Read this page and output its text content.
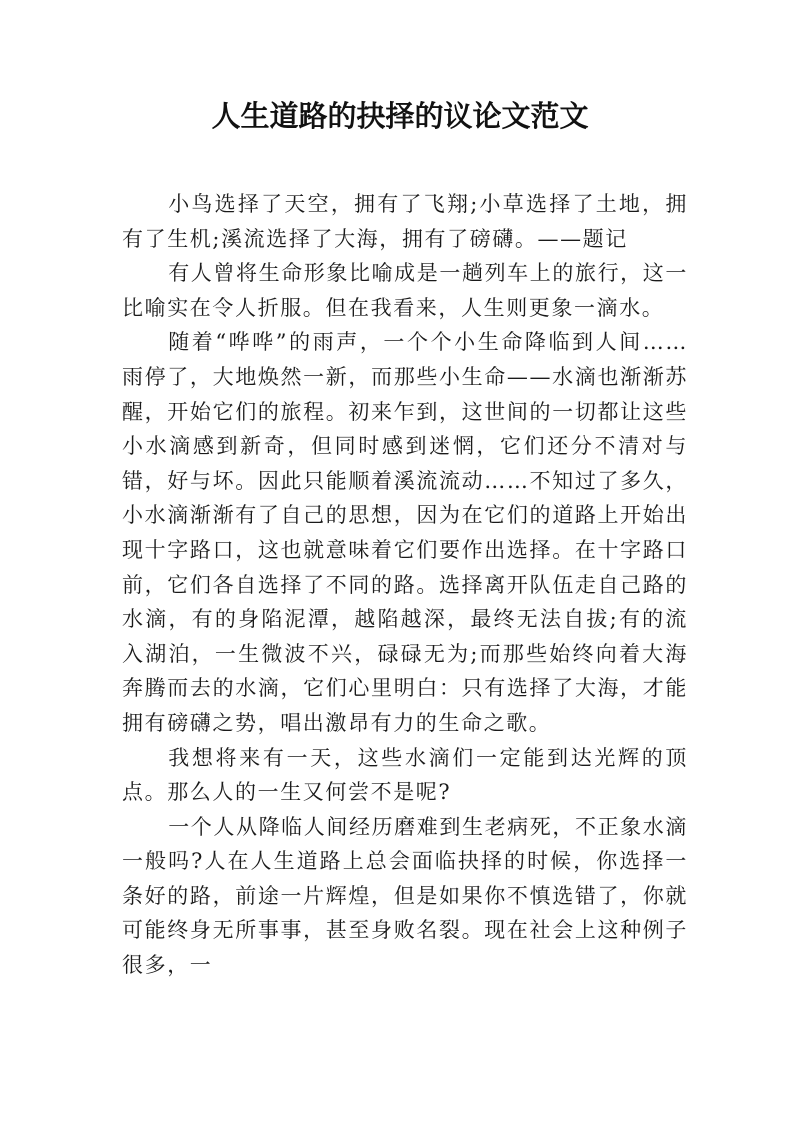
人生道路的抉择的议论文范文

小鸟选择了天空，拥有了飞翔;小草选择了土地，拥有了生机;溪流选择了大海，拥有了磅礴。——题记

有人曾将生命形象比喻成是一趟列车上的旅行，这一比喻实在令人折服。但在我看来，人生则更象一滴水。

随着“哗哗”的雨声，一个个小生命降临到人间……雨停了，大地焕然一新，而那些小生命——水滴也渐渐苏醒，开始它们的旅程。初来乍到，这世间的一切都让这些小水滴感到新奇，但同时感到迷惘，它们还分不清对与错，好与坏。因此只能顺着溪流流动……不知过了多久，小水滴渐渐有了自己的思想，因为在它们的道路上开始出现十字路口，这也就意味着它们要作出选择。在十字路口前，它们各自选择了不同的路。选择离开队伍走自己路的水滴，有的身陷泥潭，越陷越深，最终无法自拔;有的流入湖泊，一生微波不兴，碌碌无为;而那些始终向着大海奔腾而去的水滴，它们心里明白：只有选择了大海，才能拥有磅礴之势，唱出激昂有力的生命之歌。

我想将来有一天，这些水滴们一定能到达光辉的顶点。那么人的一生又何尝不是呢?

一个人从降临人间经历磨难到生老病死，不正象水滴一般吗?人在人生道路上总会面临抉择的时候，你选择一条好的路，前途一片辉煌，但是如果你不慎选错了，你就可能终身无所事事，甚至身败名裂。现在社会上这种例子很多，一
